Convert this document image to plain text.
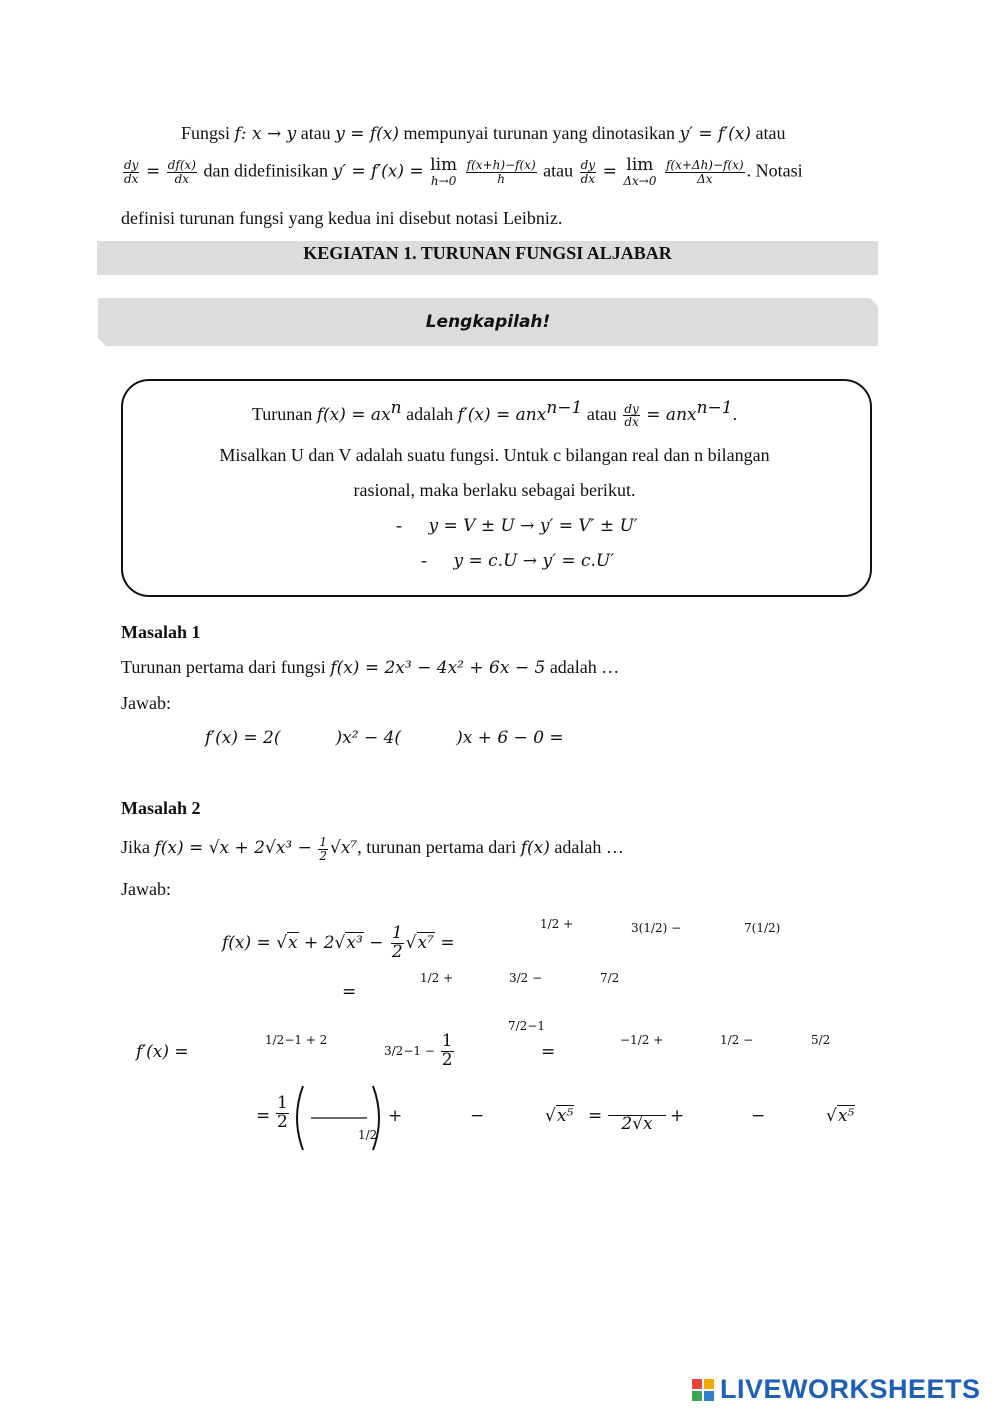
Fungsi f: x → y atau y = f(x) mempunyai turunan yang dinotasikan y′ = f′(x) atau
$\frac{dy}{dx} = \frac{df(x)}{dx}$ dan didefinisikan y′ = f′(x) = lim
h→0
$\frac{f(x+h)-f(x)}{h}$ atau $\frac{dy}{dx} = \lim$
Δx→0
$\frac{f(x+\Delta h)-f(x)}{\Delta x}$ . Notasi
definisi turunan fungsi yang kedua ini disebut notasi Leibniz.
KEGIATAN 1. TURUNAN FUNGSI ALJABAR
Lengkapilah!
Turunan $f(x) = ax^n$ adalah f′(x) = anx$^{n-1}$ atau $\frac{dy}{dx} = anx^{n-1}$.
Misalkan U dan V adalah suatu fungsi. Untuk c bilangan real dan n bilangan
rasional, maka berlaku sebagai berikut.
- y = V ± U → y′ = V′ ± U′
- y = c.U → y′ = c.U′
Masalah 1
Turunan pertama dari fungsi f(x) = 2x³ − 4x² + 6x − 5 adalah …
Jawab:
f′(x) = 2(	)x² − 4(	)x + 6 − 0 =
Masalah 2
Jika $f(x) = √x + 2√x^3 - \frac{1}{2} √x^7$, turunan pertama dari f(x) adalah …
Jawab:
$f(x) = √x + 2√x^3 - \frac{1}{2} √x^7$ =
1/2 +	3(1/2) −	7(1/2)
=
1/2 +	3/2 −	7/2
f′(x) =
1/2−1 + 2
$3/2-1 - \frac{1}{2}$
7/2−1
=
−1/2 +	1/2 −	5/2
= $\frac{1}{2}$
1/2
+	−	√x⁵ =	2√x	+	−	√x⁵
LIVEWORKSHEETS
